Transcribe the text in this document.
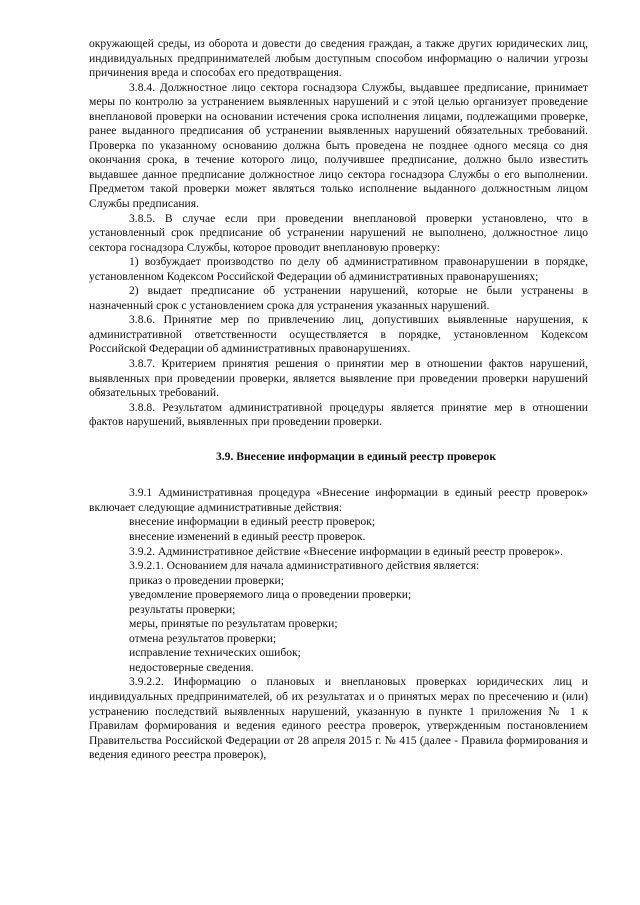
окружающей среды, из оборота и довести до сведения граждан, а также других юридических лиц, индивидуальных предпринимателей любым доступным способом информацию о наличии угрозы причинения вреда и способах его предотвращения.

3.8.4. Должностное лицо сектора госнадзора Службы, выдавшее предписание, принимает меры по контролю за устранением выявленных нарушений и с этой целью организует проведение внеплановой проверки на основании истечения срока исполнения лицами, подлежащими проверке, ранее выданного предписания об устранении выявленных нарушений обязательных требований. Проверка по указанному основанию должна быть проведена не позднее одного месяца со дня окончания срока, в течение которого лицо, получившее предписание, должно было известить выдавшее данное предписание должностное лицо сектора госнадзора Службы о его выполнении. Предметом такой проверки может являться только исполнение выданного должностным лицом Службы предписания.

3.8.5. В случае если при проведении внеплановой проверки установлено, что в установленный срок предписание об устранении нарушений не выполнено, должностное лицо сектора госнадзора Службы, которое проводит внеплановую проверку:

1) возбуждает производство по делу об административном правонарушении в порядке, установленном Кодексом Российской Федерации об административных правонарушениях;

2) выдает предписание об устранении нарушений, которые не были устранены в назначенный срок с установлением срока для устранения указанных нарушений.

3.8.6. Принятие мер по привлечению лиц, допустивших выявленные нарушения, к административной ответственности осуществляется в порядке, установленном Кодексом Российской Федерации об административных правонарушениях.

3.8.7. Критерием принятия решения о принятии мер в отношении фактов нарушений, выявленных при проведении проверки, является выявление при проведении проверки нарушений обязательных требований.

3.8.8. Результатом административной процедуры является принятие мер в отношении фактов нарушений, выявленных при проведении проверки.

3.9. Внесение информации в единый реестр проверок

3.9.1 Административная процедура «Внесение информации в единый реестр проверок» включает следующие административные действия:

внесение информации в единый реестр проверок;

внесение изменений в единый реестр проверок.

3.9.2. Административное действие «Внесение информации в единый реестр проверок».

3.9.2.1. Основанием для начала административного действия является:

приказ о проведении проверки;

уведомление проверяемого лица о проведении проверки;

результаты проверки;

меры, принятые по результатам проверки;

отмена результатов проверки;

исправление технических ошибок;

недостоверные сведения.

3.9.2.2. Информацию о плановых и внеплановых проверках юридических лиц и индивидуальных предпринимателей, об их результатах и о принятых мерах по пресечению и (или) устранению последствий выявленных нарушений, указанную в пункте 1 приложения № 1 к Правилам формирования и ведения единого реестра проверок, утвержденным постановлением Правительства Российской Федерации от 28 апреля 2015 г. № 415 (далее - Правила формирования и ведения единого реестра проверок),
